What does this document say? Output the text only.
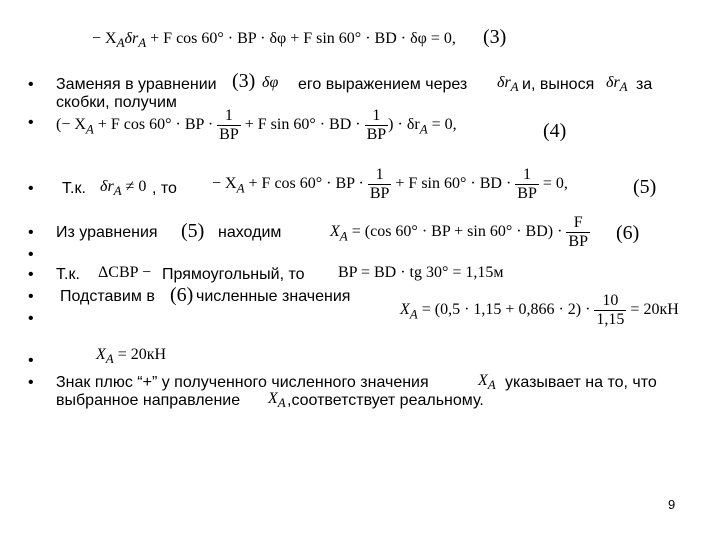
− $X_A\delta r_A + F$ cos 60° · BP · δφ + F sin 60° · BD · δφ = 0, (3)
• Заменяя в уравнении (3) δφ его выражением через $\delta r_A$ и, вынося $\delta r_A$ за
скобки, получим
• (− $X_A + F$ cos 60° · BP · $\frac{1}{BP} + F$ sin 60° · BD · $\frac{1}{BP}$ ) · $\delta r_A = 0$,	(4)
• Т.к. $\delta r_A \ne 0$ , то − $X_A + F$ cos 60° · BP · $\frac{1}{BP} + F$ sin 60° · BD · $\frac{1}{BP} = 0$,	(5)
• Из уравнения (5) находим	$X_A = (\cos$ 60° · BP + $\sin 60^\circ \cdot BD) \cdot \frac{F}{BP} (6)$
•
• Т.к. ΔCBP − Прямоугольный, то BP = BD · tg 30° = 1,15м
• Подставим в (6) численные значения
•
$X_A = (0,5 \cdot 1,15 + 0,866 \cdot 2) \cdot \frac{10}{1,15} = 20кН$
•	$X_A = 20кН$
• Знак плюс “+” у полученного численного значения	$X_A$ указывает на то, что
выбранное направление $X_A$ ,соответствует реальному.
9
